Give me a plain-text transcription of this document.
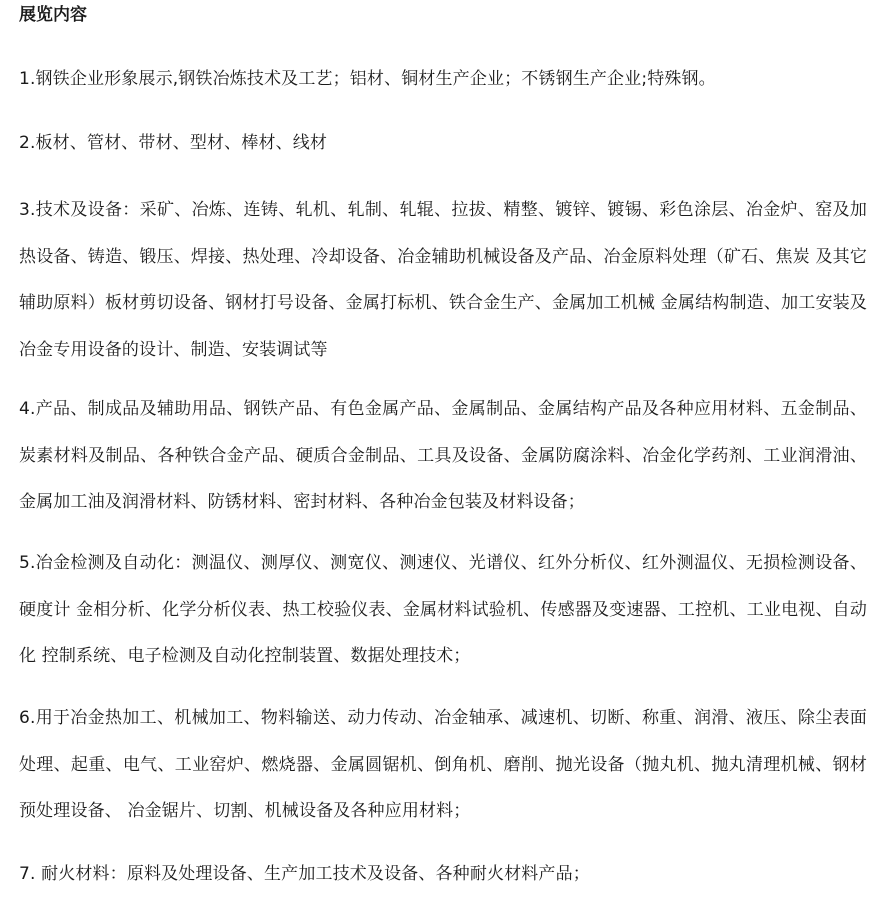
展览内容

1.钢铁企业形象展示,钢铁冶炼技术及工艺；铝材、铜材生产企业；不锈钢生产企业;特殊钢。

2.板材、管材、带材、型材、棒材、线材

3.技术及设备：采矿、冶炼、连铸、轧机、轧制、轧辊、拉拔、精整、镀锌、镀锡、彩色涂层、冶金炉、窑及加热设备、铸造、锻压、焊接、热处理、冷却设备、冶金辅助机械设备及产品、冶金原料处理（矿石、焦炭 及其它辅助原料）板材剪切设备、钢材打号设备、金属打标机、铁合金生产、金属加工机械 金属结构制造、加工安装及冶金专用设备的设计、制造、安装调试等

4.产品、制成品及辅助用品、钢铁产品、有色金属产品、金属制品、金属结构产品及各种应用材料、五金制品、 炭素材料及制品、各种铁合金产品、硬质合金制品、工具及设备、金属防腐涂料、冶金化学药剂、工业润滑油、金属加工油及润滑材料、防锈材料、密封材料、各种冶金包装及材料设备；

5.冶金检测及自动化：测温仪、测厚仪、测宽仪、测速仪、光谱仪、红外分析仪、红外测温仪、无损检测设备、硬度计 金相分析、化学分析仪表、热工校验仪表、金属材料试验机、传感器及变速器、工控机、工业电视、自动化 控制系统、电子检测及自动化控制装置、数据处理技术；

6.用于冶金热加工、机械加工、物料输送、动力传动、冶金轴承、减速机、切断、称重、润滑、液压、除尘表面处理、起重、电气、工业窑炉、燃烧器、金属圆锯机、倒角机、磨削、抛光设备（抛丸机、抛丸清理机械、钢材预处理设备、 冶金锯片、切割、机械设备及各种应用材料；

7. 耐火材料：原料及处理设备、生产加工技术及设备、各种耐火材料产品；
